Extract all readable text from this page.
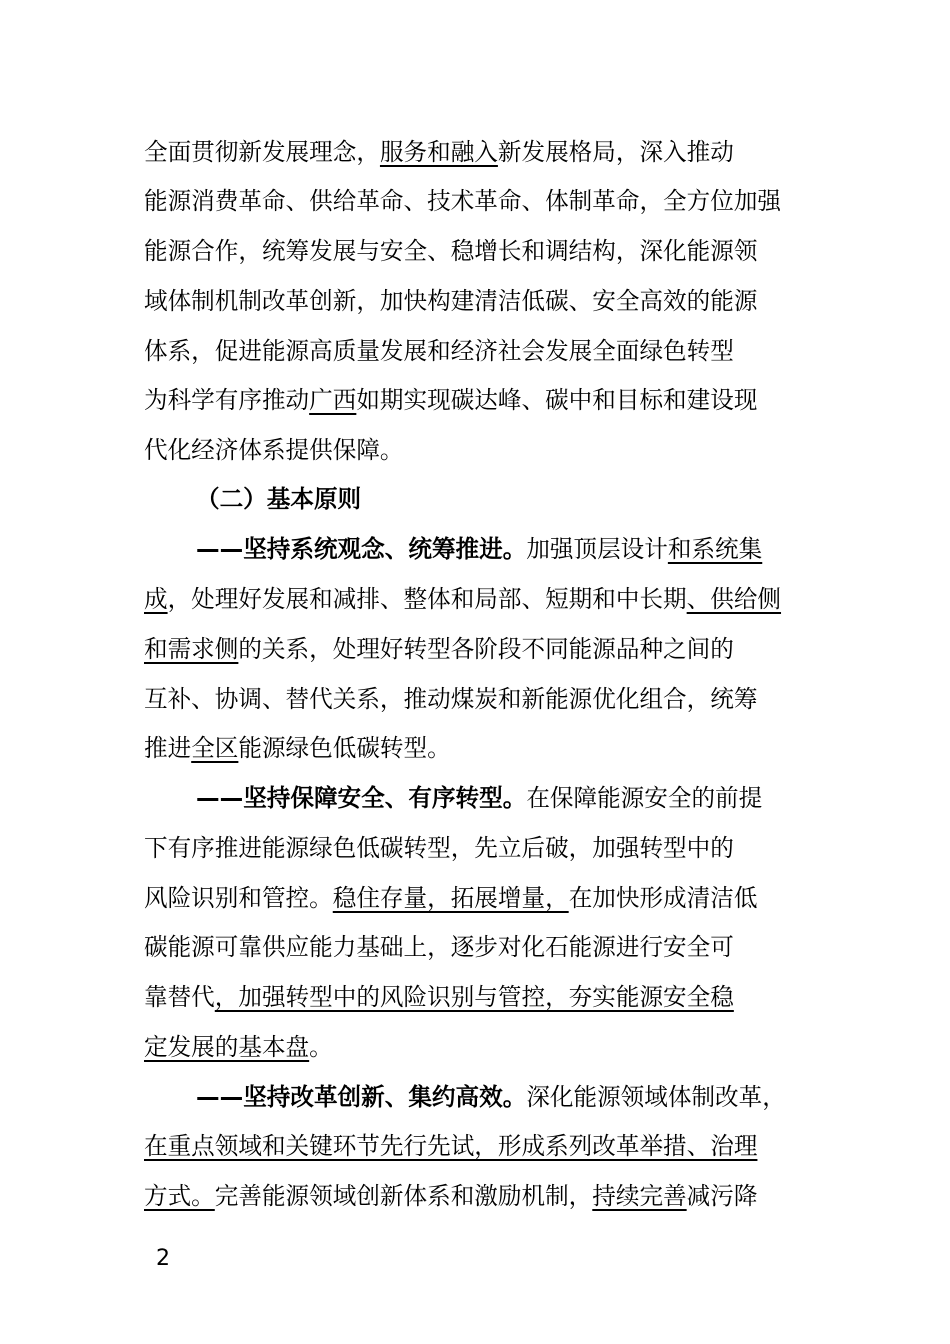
全面贯彻新发展理念，服务和融入新发展格局，深入推动
能源消费革命、供给革命、技术革命、体制革命，全方位加强
能源合作，统筹发展与安全、稳增长和调结构，深化能源领
域体制机制改革创新，加快构建清洁低碳、安全高效的能源
体系，促进能源高质量发展和经济社会发展全面绿色转型
为科学有序推动广西如期实现碳达峰、碳中和目标和建设现
代化经济体系提供保障。
（二）基本原则
——坚持系统观念、统筹推进。加强顶层设计和系统集
成，处理好发展和减排、整体和局部、短期和中长期、供给侧
和需求侧的关系，处理好转型各阶段不同能源品种之间的
互补、协调、替代关系，推动煤炭和新能源优化组合，统筹
推进全区能源绿色低碳转型。
——坚持保障安全、有序转型。在保障能源安全的前提
下有序推进能源绿色低碳转型，先立后破，加强转型中的
风险识别和管控。稳住存量，拓展增量，在加快形成清洁低
碳能源可靠供应能力基础上，逐步对化石能源进行安全可
靠替代，加强转型中的风险识别与管控，夯实能源安全稳
定发展的基本盘。
——坚持改革创新、集约高效。深化能源领域体制改革，
在重点领域和关键环节先行先试，形成系列改革举措、治理
方式。完善能源领域创新体系和激励机制，持续完善减污降
2
